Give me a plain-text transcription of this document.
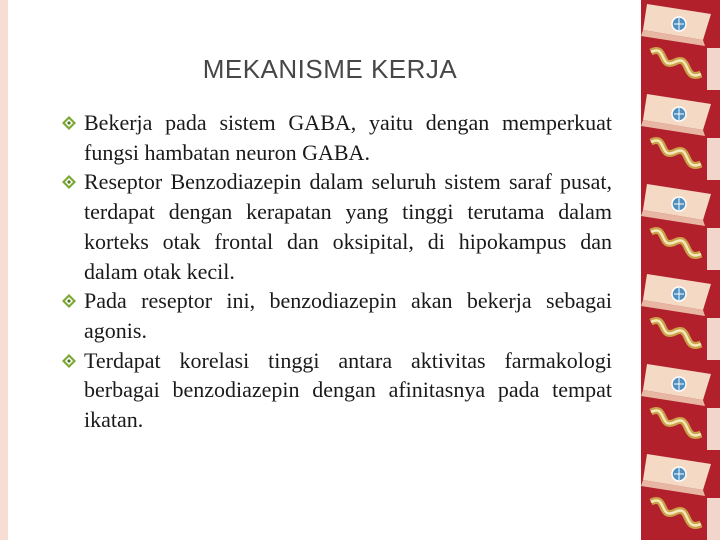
MEKANISME KERJA
Bekerja pada sistem GABA, yaitu dengan memperkuat fungsi hambatan neuron GABA.
Reseptor Benzodiazepin dalam seluruh sistem saraf pusat, terdapat dengan kerapatan yang tinggi terutama dalam korteks otak frontal dan oksipital, di hipokampus dan dalam otak kecil.
Pada reseptor ini, benzodiazepin akan bekerja sebagai agonis.
Terdapat korelasi tinggi antara aktivitas farmakologi berbagai benzodiazepin dengan afinitasnya pada tempat ikatan.
